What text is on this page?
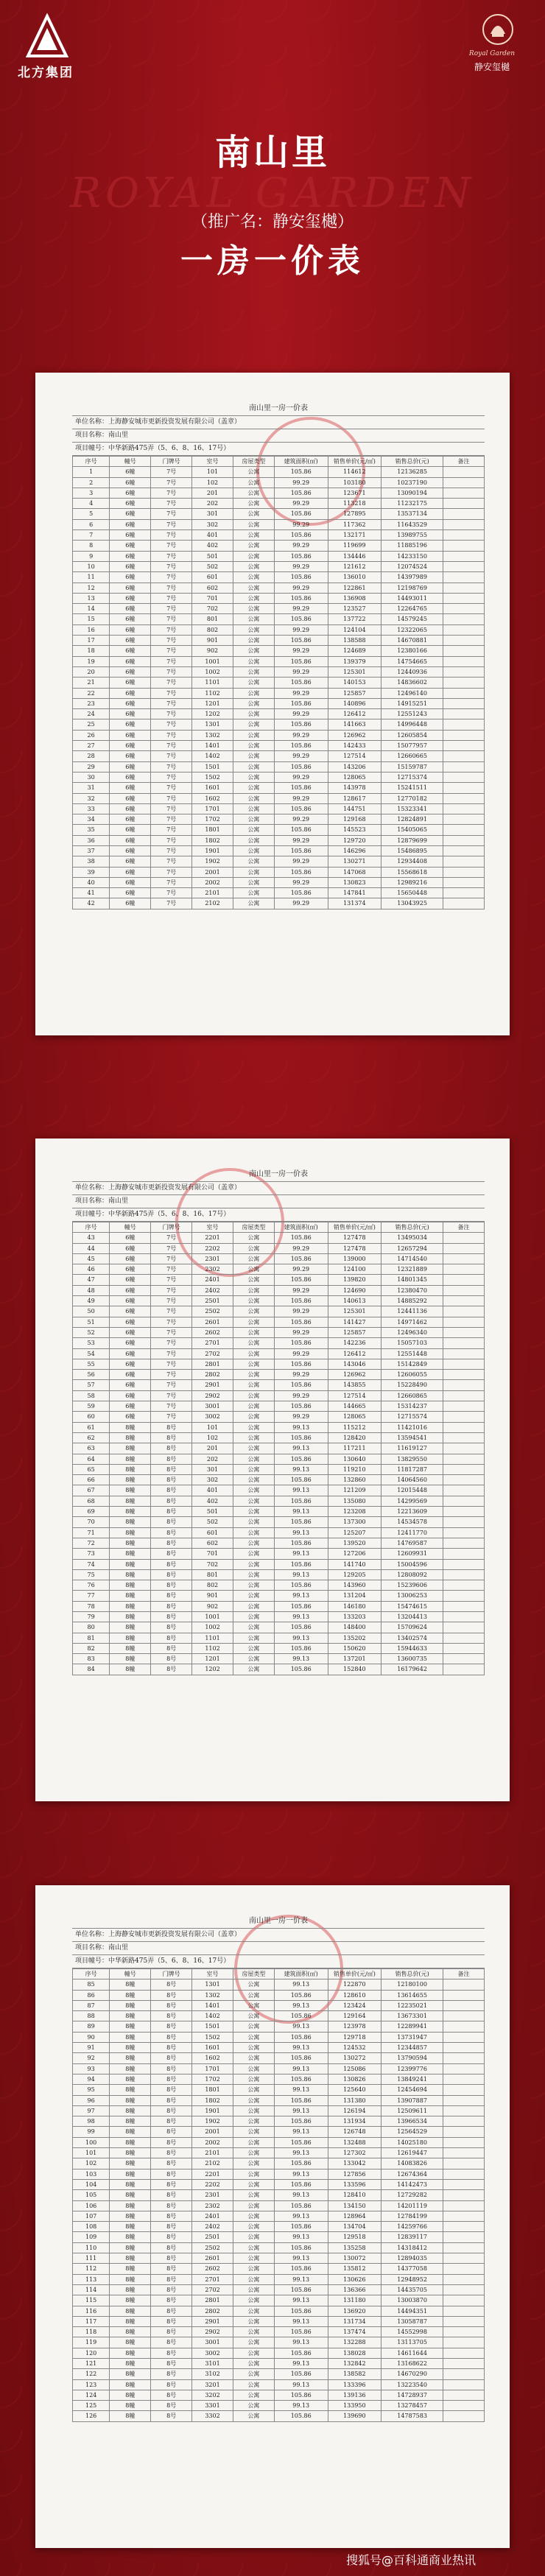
北方集团
Royal Garden
静安玺樾
南山里
ROYAL GARDEN
（推广名：静安玺樾）
一房一价表
南山里一房一价表
单位名称：上海静安城市更新投资发展有限公司（盖章）
项目名称：南山里
项目幢号：中华新路475弄（5、6、8、16、17号）
序号	幢号	门牌号	室号	房屋类型	建筑面积(㎡)	销售单价(元/㎡)	销售总价(元)	备注
1	6幢	7号	101	公寓	105.86	114612	12136285	
2	6幢	7号	102	公寓	99.29	103180	10237190	
3	6幢	7号	201	公寓	105.86	123671	13090194	
4	6幢	7号	202	公寓	99.29	113218	11232175	
5	6幢	7号	301	公寓	105.86	127895	13537134	
6	6幢	7号	302	公寓	99.29	117362	11643529	
7	6幢	7号	401	公寓	105.86	132171	13989755	
8	6幢	7号	402	公寓	99.29	119699	11885196	
9	6幢	7号	501	公寓	105.86	134446	14233150	
10	6幢	7号	502	公寓	99.29	121612	12074524	
11	6幢	7号	601	公寓	105.86	136010	14397989	
12	6幢	7号	602	公寓	99.29	122861	12198769	
13	6幢	7号	701	公寓	105.86	136908	14493011	
14	6幢	7号	702	公寓	99.29	123527	12264765	
15	6幢	7号	801	公寓	105.86	137722	14579245	
16	6幢	7号	802	公寓	99.29	124104	12322065	
17	6幢	7号	901	公寓	105.86	138588	14670881	
18	6幢	7号	902	公寓	99.29	124689	12380166	
19	6幢	7号	1001	公寓	105.86	139379	14754665	
20	6幢	7号	1002	公寓	99.29	125301	12440936	
21	6幢	7号	1101	公寓	105.86	140153	14836602	
22	6幢	7号	1102	公寓	99.29	125857	12496140	
23	6幢	7号	1201	公寓	105.86	140896	14915251	
24	6幢	7号	1202	公寓	99.29	126412	12551243	
25	6幢	7号	1301	公寓	105.86	141663	14996448	
26	6幢	7号	1302	公寓	99.29	126962	12605854	
27	6幢	7号	1401	公寓	105.86	142433	15077957	
28	6幢	7号	1402	公寓	99.29	127514	12660665	
29	6幢	7号	1501	公寓	105.86	143206	15159787	
30	6幢	7号	1502	公寓	99.29	128065	12715374	
31	6幢	7号	1601	公寓	105.86	143978	15241511	
32	6幢	7号	1602	公寓	99.29	128617	12770182	
33	6幢	7号	1701	公寓	105.86	144751	15323341	
34	6幢	7号	1702	公寓	99.29	129168	12824891	
35	6幢	7号	1801	公寓	105.86	145523	15405065	
36	6幢	7号	1802	公寓	99.29	129720	12879699	
37	6幢	7号	1901	公寓	105.86	146296	15486895	
38	6幢	7号	1902	公寓	99.29	130271	12934408	
39	6幢	7号	2001	公寓	105.86	147068	15568618	
40	6幢	7号	2002	公寓	99.29	130823	12989216	
41	6幢	7号	2101	公寓	105.86	147841	15650448	
42	6幢	7号	2102	公寓	99.29	131374	13043925	
南山里一房一价表
单位名称：上海静安城市更新投资发展有限公司（盖章）
项目名称：南山里
项目幢号：中华新路475弄（5、6、8、16、17号）
序号	幢号	门牌号	室号	房屋类型	建筑面积(㎡)	销售单价(元/㎡)	销售总价(元)	备注
43	6幢	7号	2201	公寓	105.86	127478	13495034	
44	6幢	7号	2202	公寓	99.29	127478	12657294	
45	6幢	7号	2301	公寓	105.86	139000	14714540	
46	6幢	7号	2302	公寓	99.29	124100	12321889	
47	6幢	7号	2401	公寓	105.86	139820	14801345	
48	6幢	7号	2402	公寓	99.29	124690	12380470	
49	6幢	7号	2501	公寓	105.86	140613	14885292	
50	6幢	7号	2502	公寓	99.29	125301	12441136	
51	6幢	7号	2601	公寓	105.86	141427	14971462	
52	6幢	7号	2602	公寓	99.29	125857	12496340	
53	6幢	7号	2701	公寓	105.86	142236	15057103	
54	6幢	7号	2702	公寓	99.29	126412	12551448	
55	6幢	7号	2801	公寓	105.86	143046	15142849	
56	6幢	7号	2802	公寓	99.29	126962	12606055	
57	6幢	7号	2901	公寓	105.86	143855	15228490	
58	6幢	7号	2902	公寓	99.29	127514	12660865	
59	6幢	7号	3001	公寓	105.86	144665	15314237	
60	6幢	7号	3002	公寓	99.29	128065	12715574	
61	8幢	8号	101	公寓	99.13	115212	11421016	
62	8幢	8号	102	公寓	105.86	128420	13594541	
63	8幢	8号	201	公寓	99.13	117211	11619127	
64	8幢	8号	202	公寓	105.86	130640	13829550	
65	8幢	8号	301	公寓	99.13	119210	11817287	
66	8幢	8号	302	公寓	105.86	132860	14064560	
67	8幢	8号	401	公寓	99.13	121209	12015448	
68	8幢	8号	402	公寓	105.86	135080	14299569	
69	8幢	8号	501	公寓	99.13	123208	12213609	
70	8幢	8号	502	公寓	105.86	137300	14534578	
71	8幢	8号	601	公寓	99.13	125207	12411770	
72	8幢	8号	602	公寓	105.86	139520	14769587	
73	8幢	8号	701	公寓	99.13	127206	12609931	
74	8幢	8号	702	公寓	105.86	141740	15004596	
75	8幢	8号	801	公寓	99.13	129205	12808092	
76	8幢	8号	802	公寓	105.86	143960	15239606	
77	8幢	8号	901	公寓	99.13	131204	13006253	
78	8幢	8号	902	公寓	105.86	146180	15474615	
79	8幢	8号	1001	公寓	99.13	133203	13204413	
80	8幢	8号	1002	公寓	105.86	148400	15709624	
81	8幢	8号	1101	公寓	99.13	135202	13402574	
82	8幢	8号	1102	公寓	105.86	150620	15944633	
83	8幢	8号	1201	公寓	99.13	137201	13600735	
84	8幢	8号	1202	公寓	105.86	152840	16179642	
南山里一房一价表
单位名称：上海静安城市更新投资发展有限公司（盖章）
项目名称：南山里
项目幢号：中华新路475弄（5、6、8、16、17号）
序号	幢号	门牌号	室号	房屋类型	建筑面积(㎡)	销售单价(元/㎡)	销售总价(元)	备注
85	8幢	8号	1301	公寓	99.13	122870	12180100	
86	8幢	8号	1302	公寓	105.86	128610	13614655	
87	8幢	8号	1401	公寓	99.13	123424	12235021	
88	8幢	8号	1402	公寓	105.86	129164	13673301	
89	8幢	8号	1501	公寓	99.13	123978	12289941	
90	8幢	8号	1502	公寓	105.86	129718	13731947	
91	8幢	8号	1601	公寓	99.13	124532	12344857	
92	8幢	8号	1602	公寓	105.86	130272	13790594	
93	8幢	8号	1701	公寓	99.13	125086	12399776	
94	8幢	8号	1702	公寓	105.86	130826	13849241	
95	8幢	8号	1801	公寓	99.13	125640	12454694	
96	8幢	8号	1802	公寓	105.86	131380	13907887	
97	8幢	8号	1901	公寓	99.13	126194	12509611	
98	8幢	8号	1902	公寓	105.86	131934	13966534	
99	8幢	8号	2001	公寓	99.13	126748	12564529	
100	8幢	8号	2002	公寓	105.86	132488	14025180	
101	8幢	8号	2101	公寓	99.13	127302	12619447	
102	8幢	8号	2102	公寓	105.86	133042	14083826	
103	8幢	8号	2201	公寓	99.13	127856	12674364	
104	8幢	8号	2202	公寓	105.86	133596	14142473	
105	8幢	8号	2301	公寓	99.13	128410	12729282	
106	8幢	8号	2302	公寓	105.86	134150	14201119	
107	8幢	8号	2401	公寓	99.13	128964	12784199	
108	8幢	8号	2402	公寓	105.86	134704	14259766	
109	8幢	8号	2501	公寓	99.13	129518	12839117	
110	8幢	8号	2502	公寓	105.86	135258	14318412	
111	8幢	8号	2601	公寓	99.13	130072	12894035	
112	8幢	8号	2602	公寓	105.86	135812	14377058	
113	8幢	8号	2701	公寓	99.13	130626	12948952	
114	8幢	8号	2702	公寓	105.86	136366	14435705	
115	8幢	8号	2801	公寓	99.13	131180	13003870	
116	8幢	8号	2802	公寓	105.86	136920	14494351	
117	8幢	8号	2901	公寓	99.13	131734	13058787	
118	8幢	8号	2902	公寓	105.86	137474	14552998	
119	8幢	8号	3001	公寓	99.13	132288	13113705	
120	8幢	8号	3002	公寓	105.86	138028	14611644	
121	8幢	8号	3101	公寓	99.13	132842	13168622	
122	8幢	8号	3102	公寓	105.86	138582	14670290	
123	8幢	8号	3201	公寓	99.13	133396	13223540	
124	8幢	8号	3202	公寓	105.86	139136	14728937	
125	8幢	8号	3301	公寓	99.13	133950	13278457	
126	8幢	8号	3302	公寓	105.86	139690	14787583	
搜狐号@百科通商业热讯
